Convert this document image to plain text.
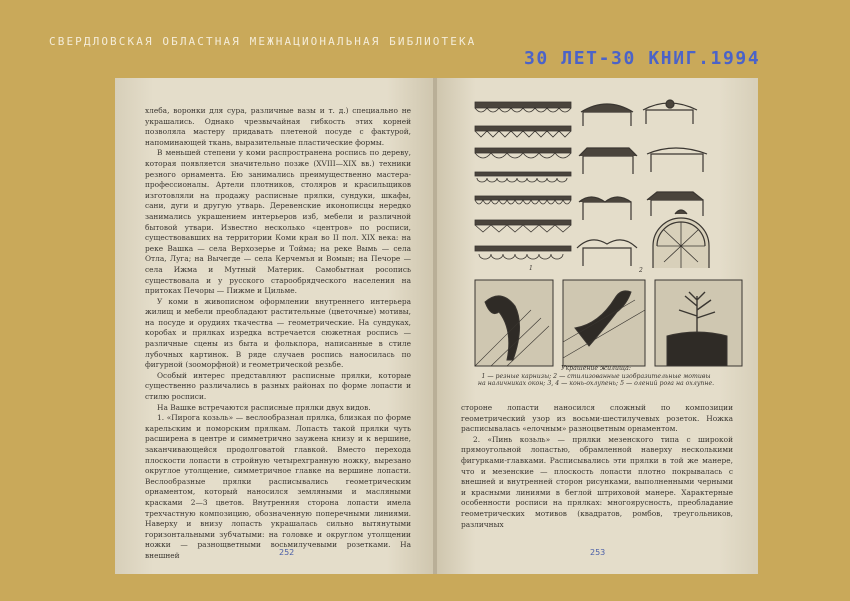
СВЕРДЛОВСКАЯ ОБЛАСТНАЯ МЕЖНАЦИОНАЛЬНАЯ БИБЛИОТЕКА
30 ЛЕТ-30 КНИГ.1994

хлеба, воронки для сура, различные вазы и т. д.) специально не украшались. Однако чрезвычайная гибкость этих корней позволяла мастеру придавать плетеной посуде с фактурой, напоминающей ткань, выразительные пластические формы.

В меньшей степени у коми распространена роспись по дереву, которая появляется значительно позже (XVIII—XIX вв.) техники резного орнамента. Ею занимались преимущественно мастера-профессионалы. Артели плотников, столяров и красильщиков изготовляли на продажу расписные прялки, сундуки, шкафы, сани, дуги и другую утварь. Деревенские иконописцы нередко занимались украшением интерьеров изб, мебели и различной бытовой утвари. Известно несколько «центров» по росписи, существовавших на территории Коми края во II пол. XIX века: на реке Вашка — села Верхозерье и Тойма; на реке Вымь — села Отла, Луга; на Вычегде — села Керчемъя и Вомын; на Печоре — села Ижма и Мутный Материк. Самобытная росопись существовала и у русского старообрядческого населения на притоках Печоры — Пижме и Цильме.

У коми в живописном оформлении внутреннего интерьера жилищ и мебели преобладают растительные (цветочные) мотивы, на посуде и орудиях ткачества — геометрические. На сундуках, коробах и прялках изредка встречается сюжетная роспись — различные сцены из быта и фольклора, написанные в стиле лубочных картинок. В ряде случаев роспись наносилась по фигурной (зооморфной) и геометрической резьбе.

Особый интерес представляют расписные прялки, которые существенно различались в разных районах по форме лопасти и стилю росписи.

На Вашке встречаются расписные прялки двух видов.

1. «Пирога козьль» — веслообразная прялка, близкая по форме карельским и поморским прялкам. Лопасть такой прялки чуть расширена в центре и симметрично заужена книзу и к вершине, заканчивающейся продолговатой главкой. Вместо перехода плоскости лопасти в стройную четырехгранную ножку, вырезано округлое утолщение, симметричное главке на вершине лопасти. Веслообразные прялки расписывались геометрическим орнаментом, который наносился земляными и масляными красками 2—3 цветов. Внутренняя сторона лопасти имела трехчастную композицию, обозначенную поперечными линиями. Наверху и внизу лопасть украшалась сильно вытянутыми горизонтальными зубчатыми: на головке и округлом утолщении ножки — разнощветными восьмилучевыми розетками. На внешней	252
1	2
Украшение жилища:
1 — резные карнизы; 2 — стилизованные изобразительные мотивы
на наличниках окон; 3, 4 — конь-охлупень; 5 — олений рога на охлупне.

стороне лопасти наносился сложный по композиции геометрический узор из восьми-шестилучевых розеток. Ножка расписывалась «елочным» разноцветным орнаментом.

2. «Пинь козьль» — прялки мезенского типа с широкой прямоугольной лопастью, обрамленной наверху несколькими фигурками-главками. Расписывались эти прялки в той же манере, что и мезенские — плоскость лопасти плотно покрывалась с внешней и внутренней сторон рисунками, выполненными черными и красными линиями в беглой штриховой манере. Характерные особенности росписи на прялках: многоярусность, преобладание геометрических мотивов (квадратов, ромбов, треугольников, различных

253
